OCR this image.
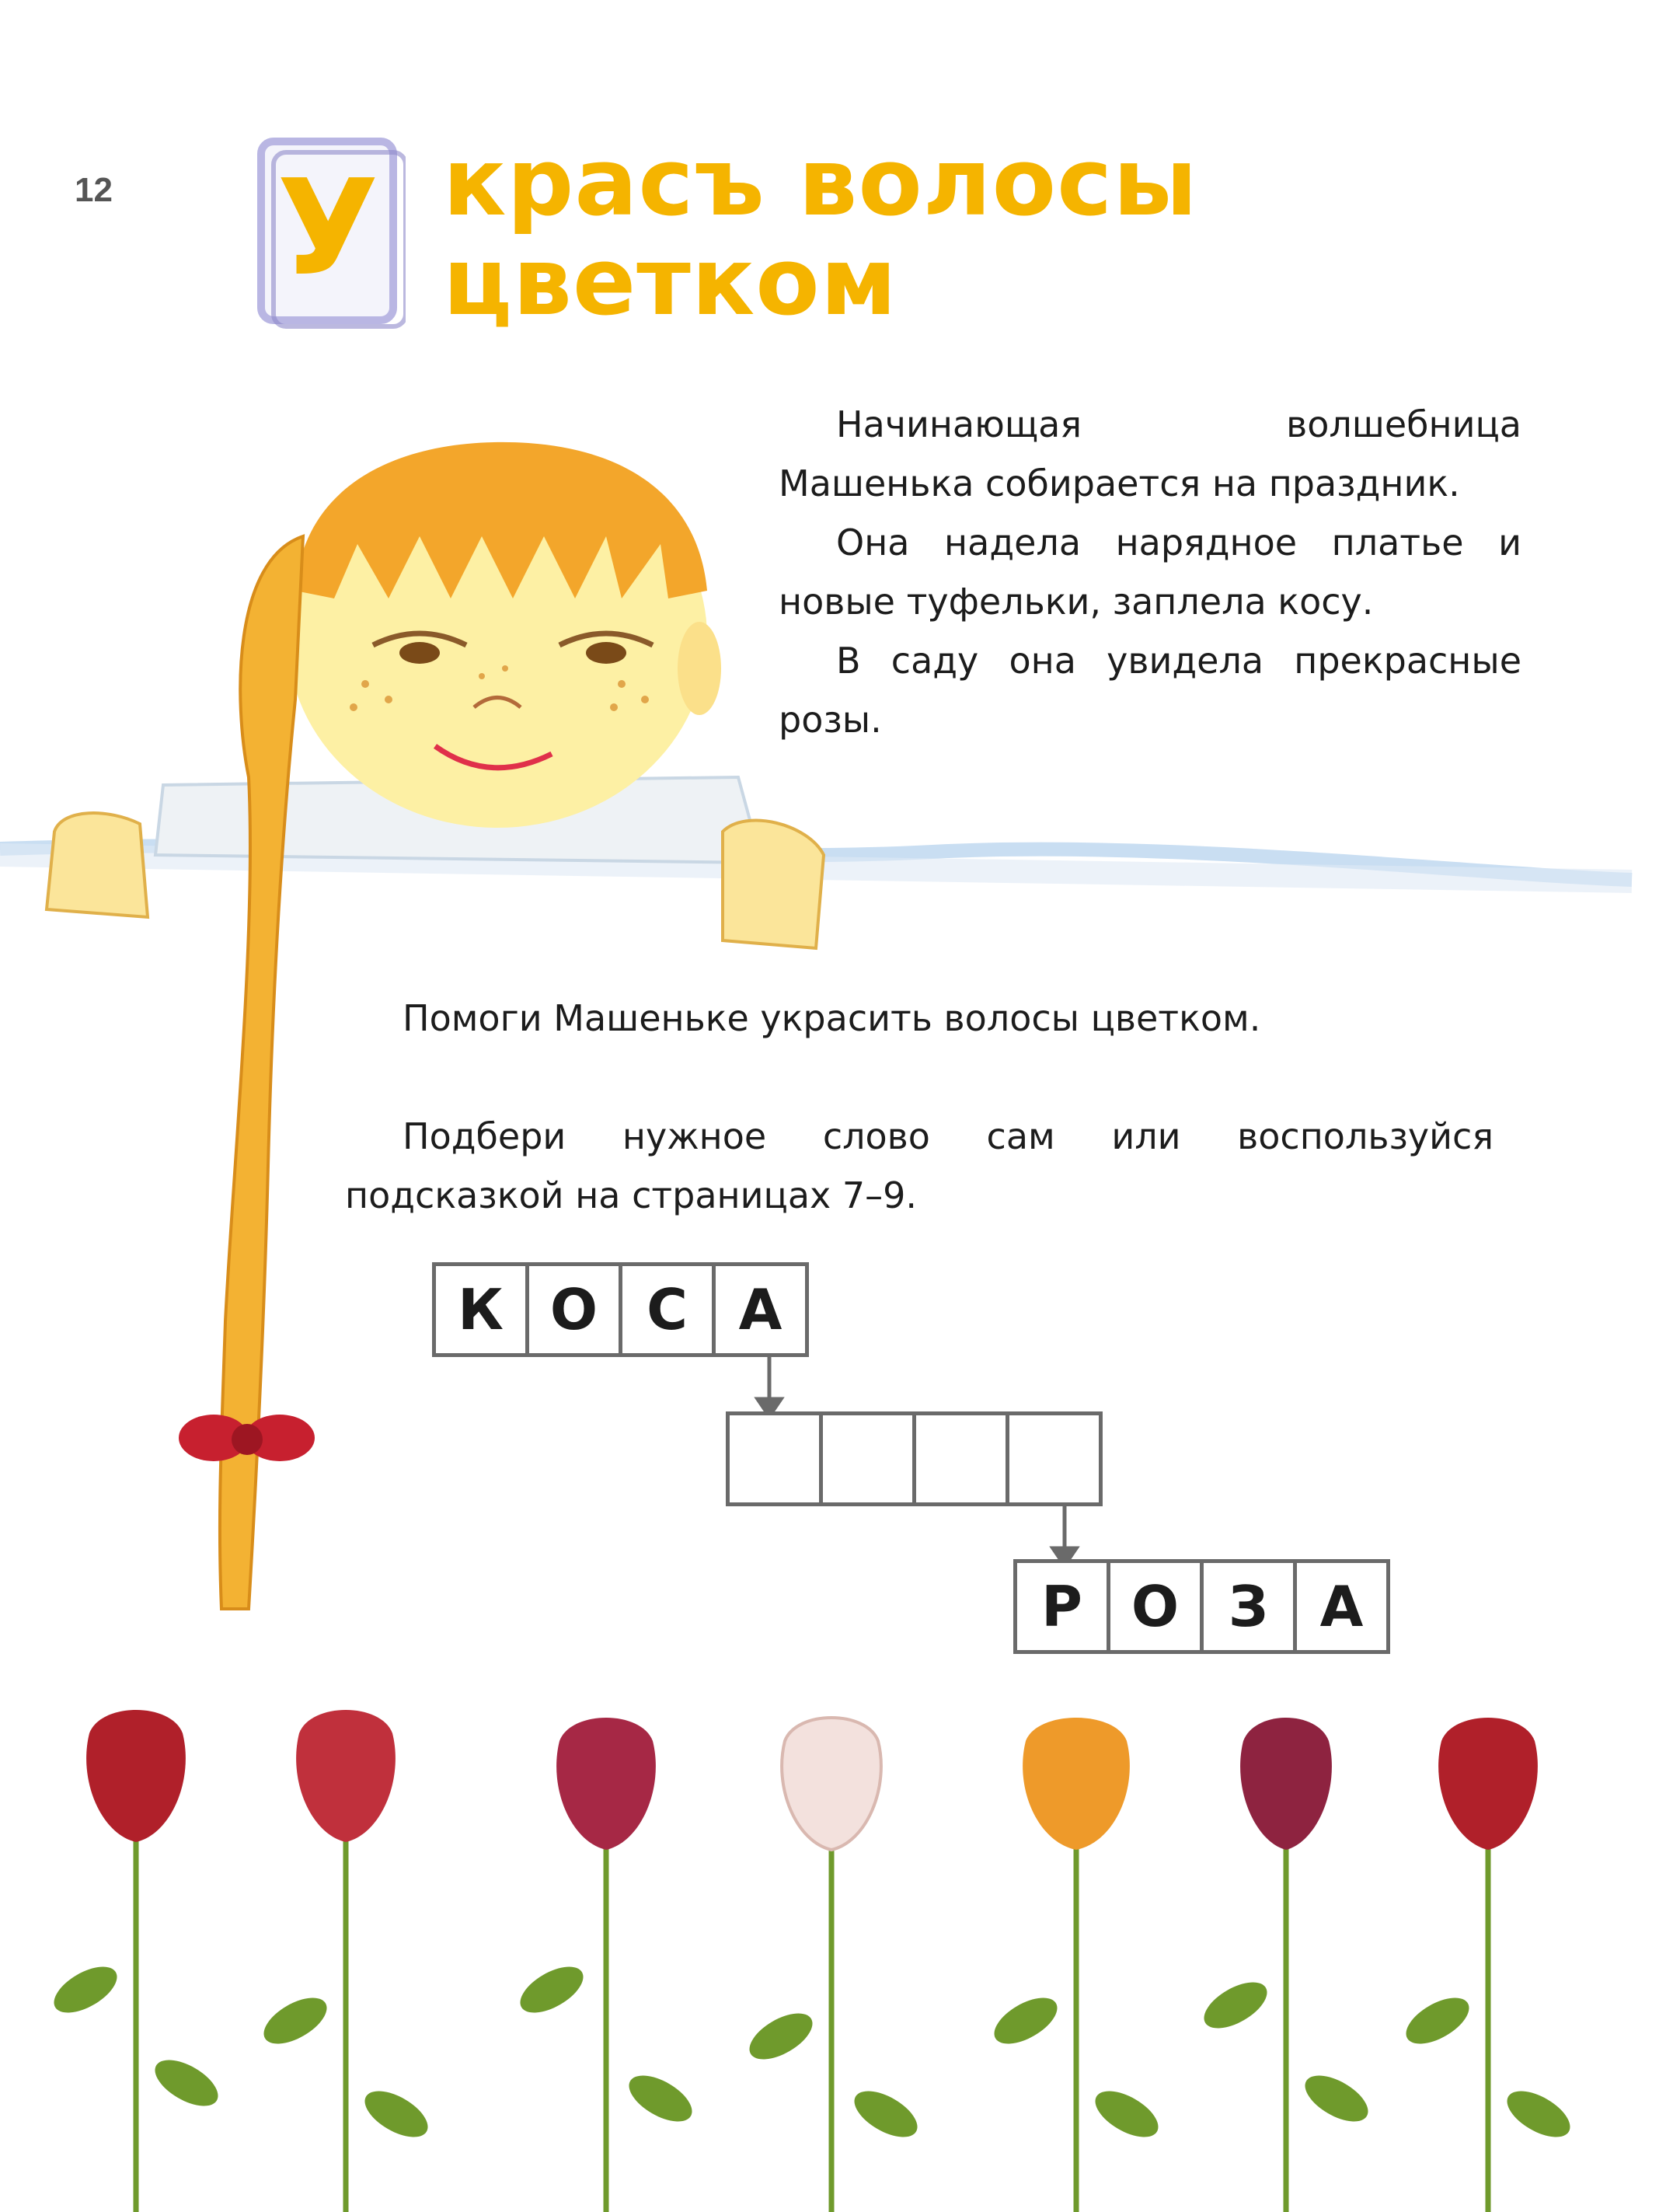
12 У красъ волосы
цветком

Начинающая волшебница Машенька собирается на праздник.

Она надела нарядное платье и новые туфельки, заплела косу.

В саду она увидела прекрасные розы.

Помоги Машеньке украсить волосы цветком.

Подбери нужное слово сам или воспользуйся подсказкой на страницах 7–9.

К О С А
Р О З А
